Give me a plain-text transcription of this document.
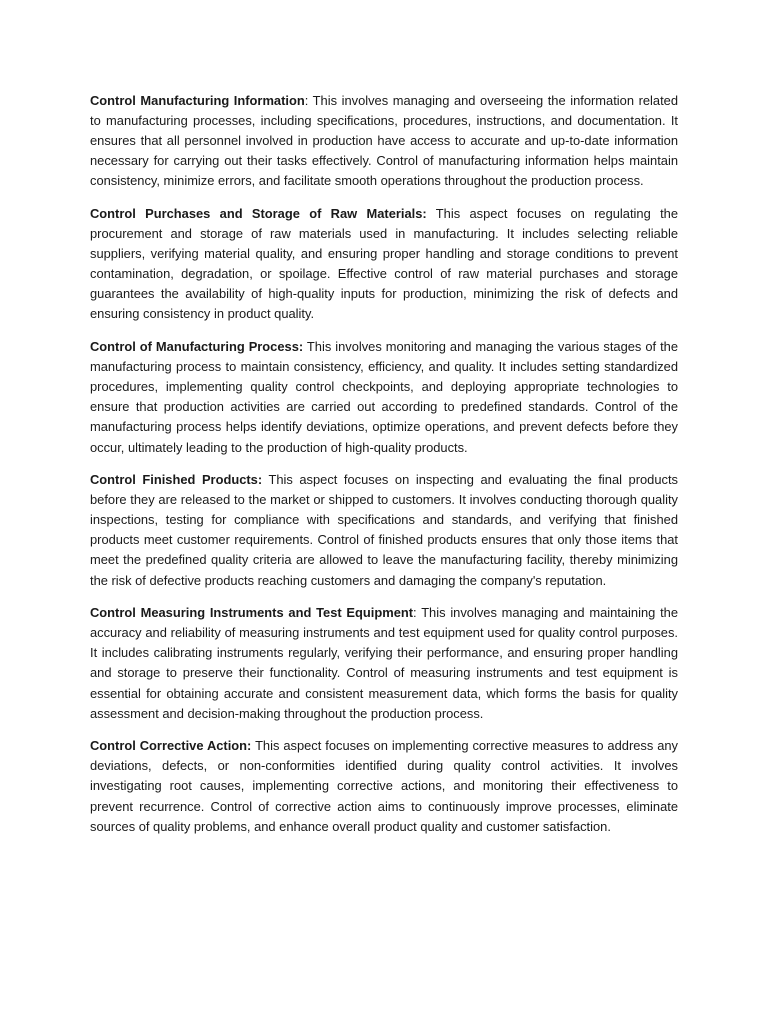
Control Manufacturing Information: This involves managing and overseeing the information related to manufacturing processes, including specifications, procedures, instructions, and documentation. It ensures that all personnel involved in production have access to accurate and up-to-date information necessary for carrying out their tasks effectively. Control of manufacturing information helps maintain consistency, minimize errors, and facilitate smooth operations throughout the production process.

Control Purchases and Storage of Raw Materials: This aspect focuses on regulating the procurement and storage of raw materials used in manufacturing. It includes selecting reliable suppliers, verifying material quality, and ensuring proper handling and storage conditions to prevent contamination, degradation, or spoilage. Effective control of raw material purchases and storage guarantees the availability of high-quality inputs for production, minimizing the risk of defects and ensuring consistency in product quality.

Control of Manufacturing Process: This involves monitoring and managing the various stages of the manufacturing process to maintain consistency, efficiency, and quality. It includes setting standardized procedures, implementing quality control checkpoints, and deploying appropriate technologies to ensure that production activities are carried out according to predefined standards. Control of the manufacturing process helps identify deviations, optimize operations, and prevent defects before they occur, ultimately leading to the production of high-quality products.

Control Finished Products: This aspect focuses on inspecting and evaluating the final products before they are released to the market or shipped to customers. It involves conducting thorough quality inspections, testing for compliance with specifications and standards, and verifying that finished products meet customer requirements. Control of finished products ensures that only those items that meet the predefined quality criteria are allowed to leave the manufacturing facility, thereby minimizing the risk of defective products reaching customers and damaging the company's reputation.

Control Measuring Instruments and Test Equipment: This involves managing and maintaining the accuracy and reliability of measuring instruments and test equipment used for quality control purposes. It includes calibrating instruments regularly, verifying their performance, and ensuring proper handling and storage to preserve their functionality. Control of measuring instruments and test equipment is essential for obtaining accurate and consistent measurement data, which forms the basis for quality assessment and decision-making throughout the production process.

Control Corrective Action: This aspect focuses on implementing corrective measures to address any deviations, defects, or non-conformities identified during quality control activities. It involves investigating root causes, implementing corrective actions, and monitoring their effectiveness to prevent recurrence. Control of corrective action aims to continuously improve processes, eliminate sources of quality problems, and enhance overall product quality and customer satisfaction.
